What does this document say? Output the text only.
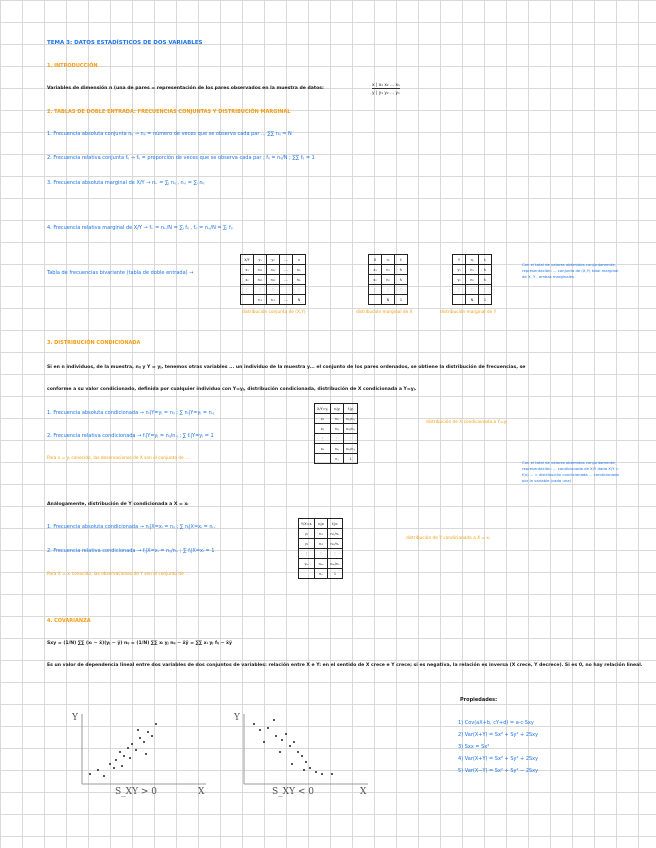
TEMA 3: DATOS ESTADÍSTICOS DE DOS VARIABLES
1. INTRODUCCIÓN
Variables de dimensión n (una de pares = representación de los pares observados en la muestra de datos:
x | x₁ x₂ ... xₙ
y | y₁ y₂ ... yₙ
2. TABLAS DE DOBLE ENTRADA: FRECUENCIAS CONJUNTAS Y DISTRIBUCIÓN MARGINAL
1. Frecuencia absoluta conjunta nᵢⱼ → nᵢⱼ = número de veces que se observa cada par ... ∑∑ nᵢⱼ = N
2. Frecuencia relativa conjunta fᵢⱼ → fᵢⱼ = proporción de veces que se observa cada par ; fᵢⱼ = nᵢⱼ/N ; ∑∑ fᵢⱼ = 1
3. Frecuencia absoluta marginal de X/Y → nᵢ. = ∑ⱼ nᵢⱼ , n.ⱼ = ∑ᵢ nᵢⱼ
4. Frecuencia relativa marginal de X/Y → fᵢ. = nᵢ./N = ∑ⱼ fᵢⱼ , f.ⱼ = n.ⱼ/N = ∑ᵢ fᵢⱼ
Tabla de frecuencias bivariante (tabla de doble entrada) →
X/Y	y₁	y₂	…	n
x₁	n₁₁	n₁₂	…	n₁.
x₂	n₂₁	n₂₂	…	n₂.
⋮	⋮	⋮		⋮
	n.₁	n.₂	…	N
X	nᵢ	fᵢ
x₁	n₁	f₁
x₂	n₂	f₂
⋮	⋮	⋮
	N	1
Y	nⱼ	fⱼ
y₁	n₁	f₁
y₂	n₂	f₂
⋮	⋮	⋮
	N	1
distribución conjunta de (X,Y)	distribución marginal de X	distribución marginal de Y
Con el total de valores obtenidos conjuntamente, representación: ... conjunta de (X,Y) total marginal de X, Y , ambas marginales
3. DISTRIBUCIÓN CONDICIONADA
Si en n individuos, de la muestra, nᵢⱼ y Y = yⱼ, tenemos otras variables ... un individuo de la muestra y... el conjunto de los pares ordenados, se obtiene la distribución de frecuencias, se
conforme a su valor condicionado, definida por cualquier individuo con Y=yⱼ, distribución condicionada, distribución de X condicionada a Y=yⱼ.
1. Frecuencia absoluta condicionada → nᵢ|Y=yⱼ = nᵢⱼ ; ∑ nᵢ|Y=yⱼ = n.ⱼ
2. Frecuencia relativa condicionada → fᵢ|Y=yⱼ = nᵢⱼ/n.ⱼ ; ∑ fᵢ|Y=yⱼ = 1
X/Y=yⱼ	nᵢ|yⱼ	fᵢ|yⱼ
x₁	n₁ⱼ	n₁ⱼ/n.ⱼ
x₂	n₂ⱼ	n₂ⱼ/n.ⱼ
⋮	⋮	⋮
xₖ	nₖⱼ	nₖⱼ/n.ⱼ
	n.ⱼ	1
distribución de X condicionada a Y=yⱼ
Para x = yⱼ conocido, las observaciones de X son el conjunto de ...
Con el total de valores obtenidos conjuntamente, representación: ... condicionada de X/Y dada X/Y = f(x) ... = distribución condicionada ... condicionada por la variable (cada una)
Análogamente, distribución de Y condicionada a X = xᵢ
1. Frecuencia absoluta condicionada → nⱼ|X=xᵢ = nᵢⱼ ; ∑ nⱼ|X=xᵢ = nᵢ.
2. Frecuencia relativa condicionada → fⱼ|X=xᵢ = nᵢⱼ/nᵢ. ; ∑ fⱼ|X=xᵢ = 1
Y/X=xᵢ	nⱼ|xᵢ	fⱼ|xᵢ
y₁	nᵢ₁	nᵢ₁/nᵢ.
y₂	nᵢ₂	nᵢ₂/nᵢ.
⋮	⋮	⋮
yₘ	nᵢₘ	nᵢₘ/nᵢ.
	nᵢ.	1
distribución de Y condicionada a X = xᵢ
Para X = xᵢ conocido, las observaciones de Y son el conjunto de ...
4. COVARIANZA
Sxy = (1/N) ∑∑ (xᵢ − x̄)(yⱼ − ȳ) nᵢⱼ = (1/N) ∑∑ xᵢ yⱼ nᵢⱼ − x̄ȳ = ∑∑ xᵢ yⱼ fᵢⱼ − x̄ȳ
Es un valor de dependencia lineal entre dos variables de dos conjuntos de variables: relación entre X e Y: en el sentido de X crece e Y crece; si es negativa, la relación es inversa (X crece, Y decrece). Si es 0, no hay relación lineal.
Propiedades:
1) Cov(aX+b, cY+d) = a·c·Sxy
2) Var(X+Y) = Sx² + Sy² + 2Sxy
3) Sxx = Sx²
4) Var(X+Y) = Sx² + Sy² + 2Sxy
5) Var(X−Y) = Sx² + Sy² − 2Sxy
Y
X
S_XY > 0
Y
X
S_XY < 0
